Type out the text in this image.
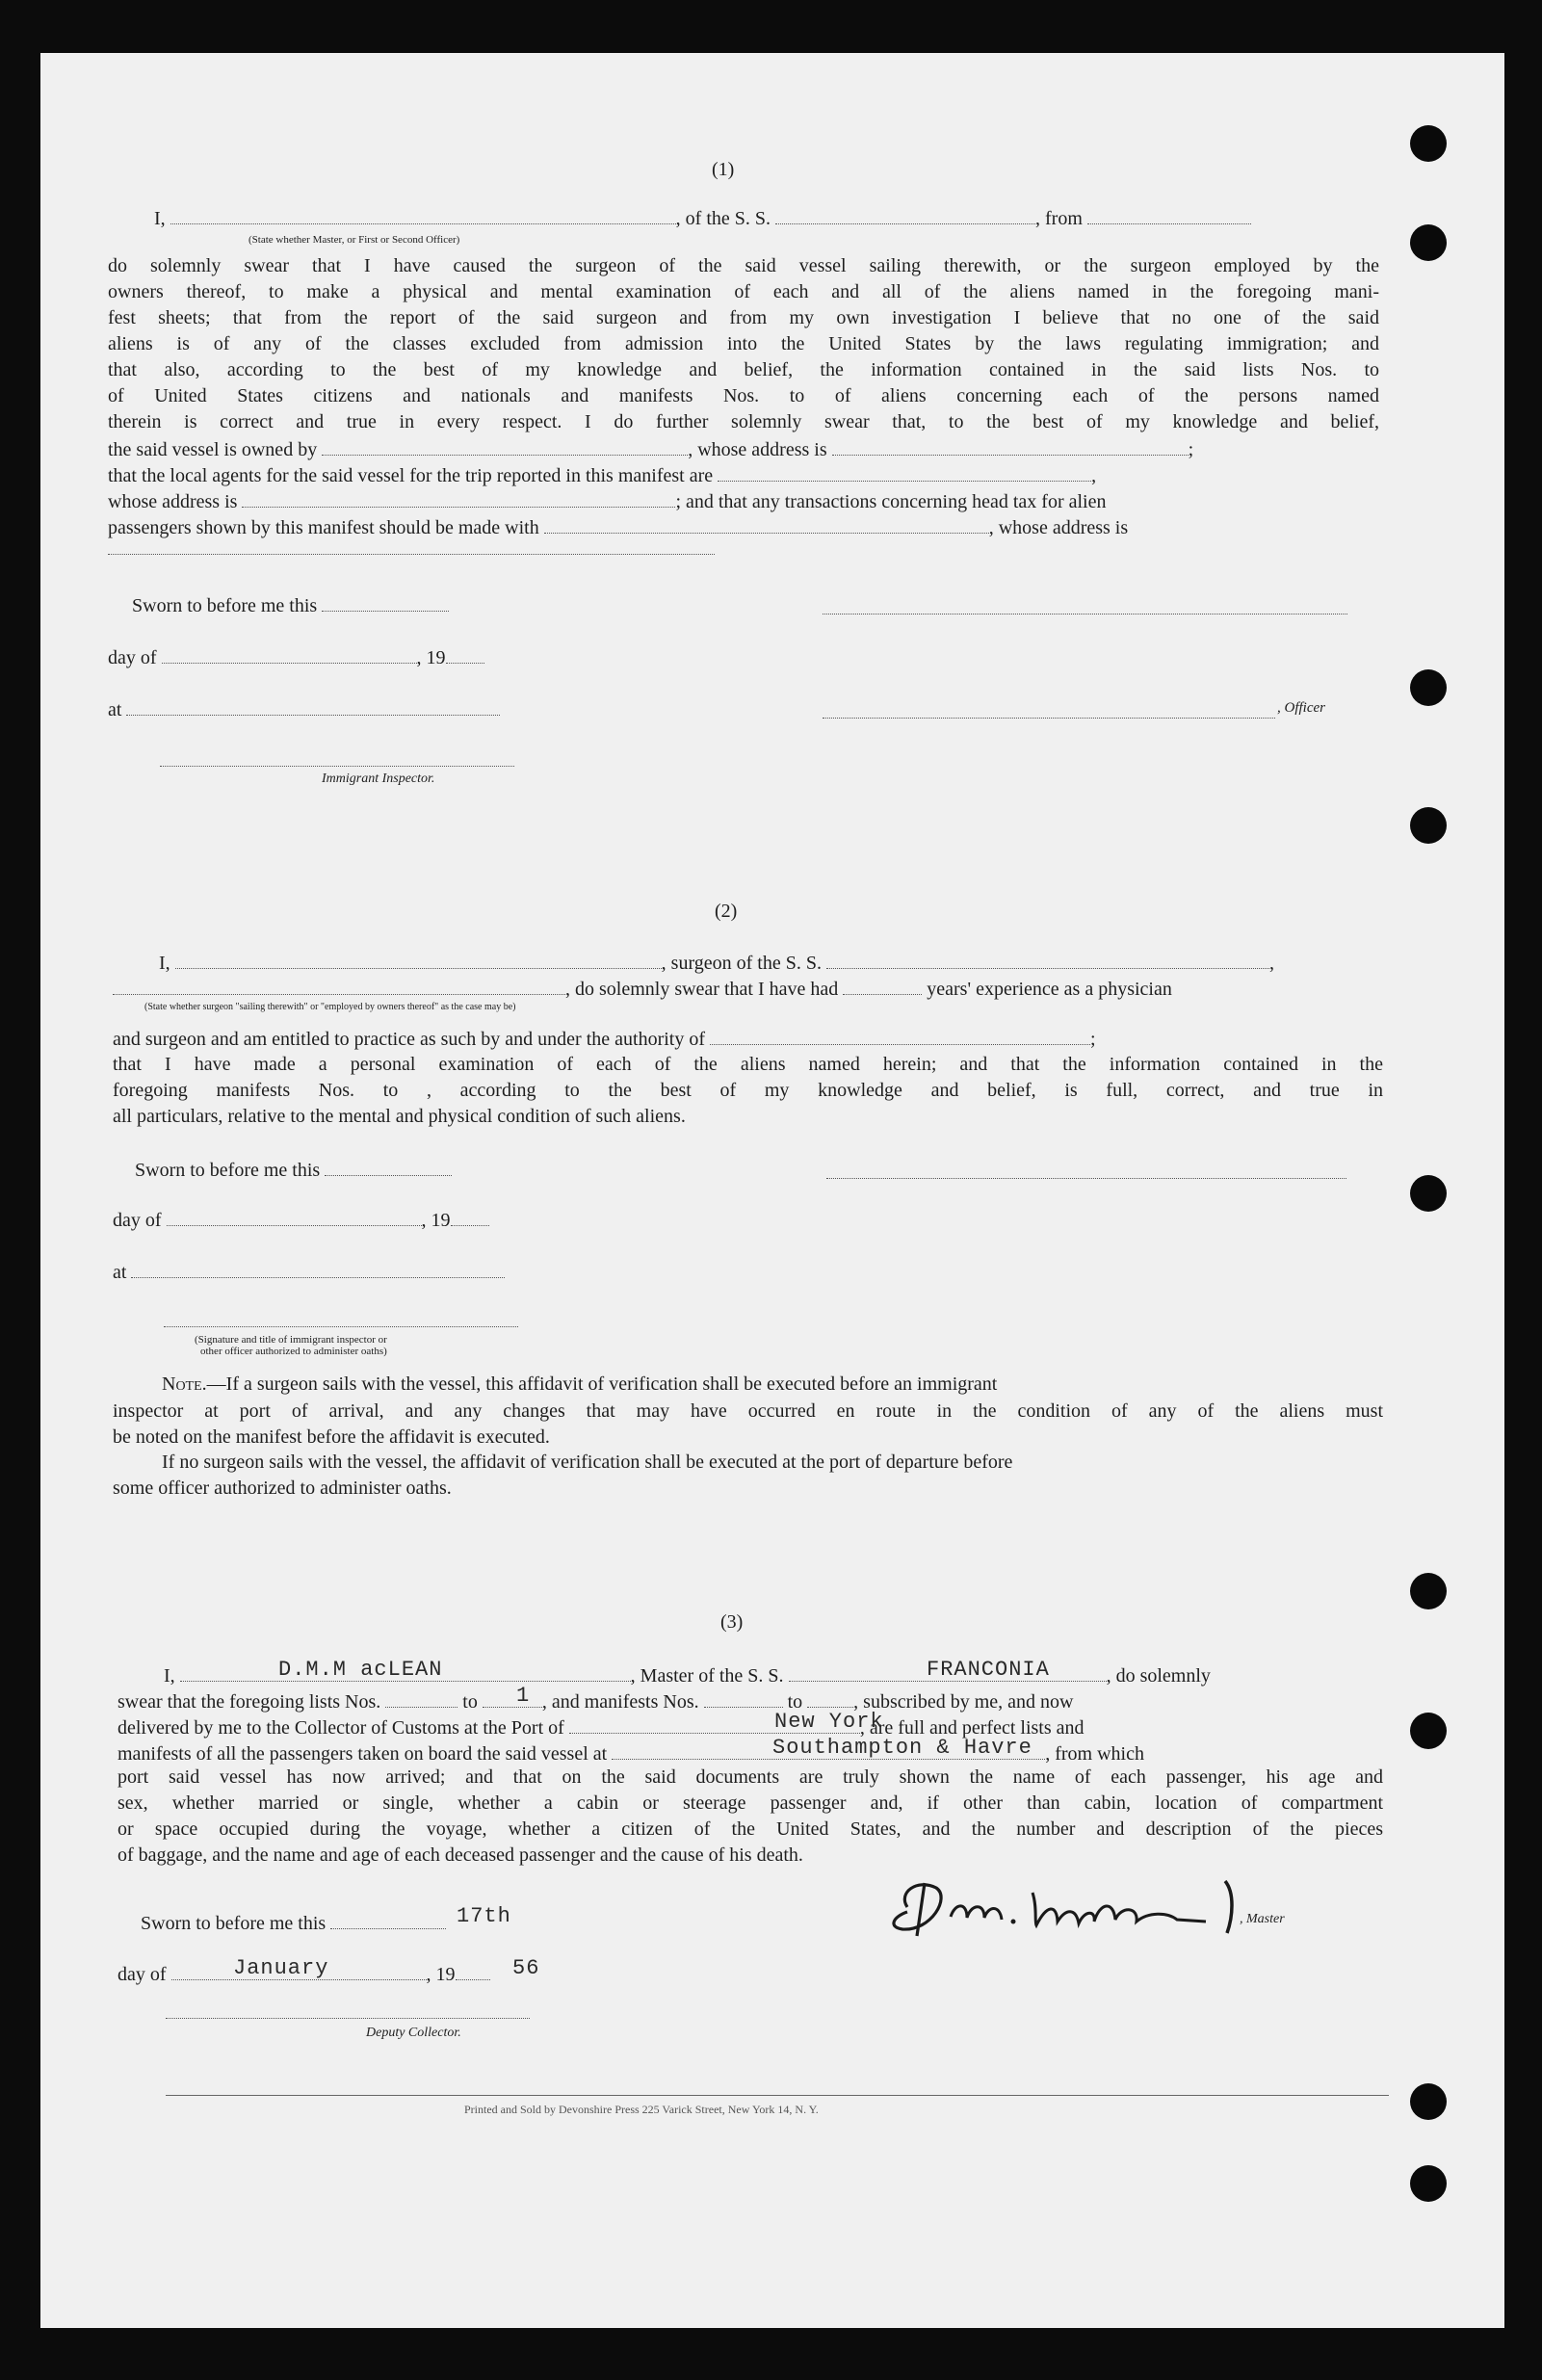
(1)
I,	, of the S. S.	, from
(State whether Master, or First or Second Officer)
do solemnly swear that I have caused the surgeon of the said vessel sailing therewith, or the surgeon employed by the
owners thereof, to make a physical and mental examination of each and all of the aliens named in the foregoing mani-
fest sheets; that from the report of the said surgeon and from my own investigation I believe that no one of the said
aliens is of any of the classes excluded from admission into the United States by the laws regulating immigration; and
that also, according to the best of my knowledge and belief, the information contained in the said lists Nos. to
of United States citizens and nationals and manifests Nos. to of aliens concerning each of the persons named
therein is correct and true in every respect. I do further solemnly swear that, to the best of my knowledge and belief,
the said vessel is owned by	, whose address is	;
that the local agents for the said vessel for the trip reported in this manifest are	,
whose address is	; and that any transactions concerning head tax for alien
passengers shown by this manifest should be made with	, whose address is
Sworn to before me this
day of	, 19
at	, Officer
Immigrant Inspector.
(2)
I,	, surgeon of the S. S.	,
, do solemnly swear that I have had	years' experience as a physician
(State whether surgeon "sailing therewith" or "employed by owners thereof" as the case may be)
and surgeon and am entitled to practice as such by and under the authority of	;
that I have made a personal examination of each of the aliens named herein; and that the information contained in the
foregoing manifests Nos. to , according to the best of my knowledge and belief, is full, correct, and true in
all particulars, relative to the mental and physical condition of such aliens.
Sworn to before me this
day of	, 19
at
(Signature and title of immigrant inspector or
other officer authorized to administer oaths)
Note.—If a surgeon sails with the vessel, this affidavit of verification shall be executed before an immigrant
inspector at port of arrival, and any changes that may have occurred en route in the condition of any of the aliens must
be noted on the manifest before the affidavit is executed.
If no surgeon sails with the vessel, the affidavit of verification shall be executed at the port of departure before
some officer authorized to administer oaths.
(3)
I,	, Master of the S. S.	, do solemnly
D.M.M acLEAN	FRANCONIA
swear that the foregoing lists Nos.	to	, and manifests Nos.	to	, subscribed by me, and now
1
delivered by me to the Collector of Customs at the Port of	, are full and perfect lists and
New York
manifests of all the passengers taken on board the said vessel at	, from which
Southampton & Havre
port said vessel has now arrived; and that on the said documents are truly shown the name of each passenger, his age and
sex, whether married or single, whether a cabin or steerage passenger and, if other than cabin, location of compartment
or space occupied during the voyage, whether a citizen of the United States, and the number and description of the pieces
of baggage, and the name and age of each deceased passenger and the cause of his death.
Sworn to before me this	17th	, Master
day of	, 19
January	56
Deputy Collector.
Printed and Sold by Devonshire Press 225 Varick Street, New York 14, N. Y.
